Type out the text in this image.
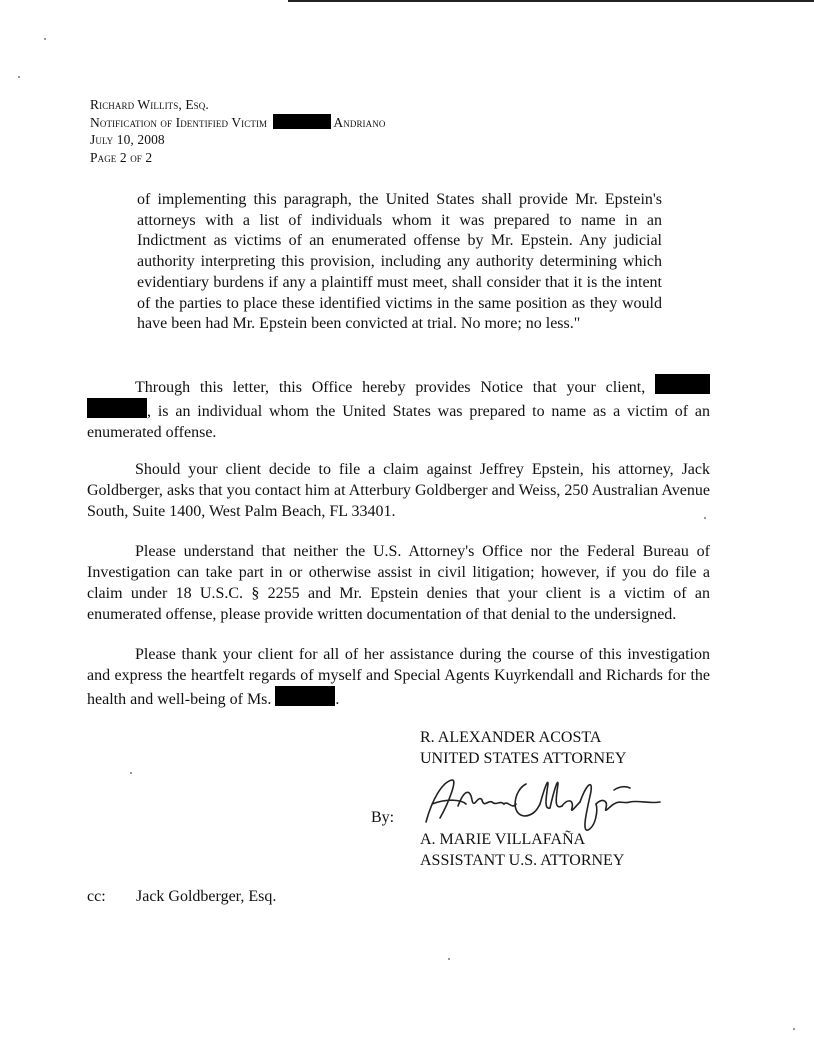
Richard Willits, Esq.
Notification of Identified Victim	Andriano
July 10, 2008
Page 2 of 2
of implementing this paragraph, the United States shall provide Mr. Epstein's attorneys with a list of individuals whom it was prepared to name in an Indictment as victims of an enumerated offense by Mr. Epstein. Any judicial authority interpreting this provision, including any authority determining which evidentiary burdens if any a plaintiff must meet, shall consider that it is the intent of the parties to place these identified victims in the same position as they would have been had Mr. Epstein been convicted at trial. No more; no less."

Through this letter, this Office hereby provides Notice that your client,  , is an individual whom the United States was prepared to name as a victim of an enumerated offense.

Should your client decide to file a claim against Jeffrey Epstein, his attorney, Jack Goldberger, asks that you contact him at Atterbury Goldberger and Weiss, 250 Australian Avenue South, Suite 1400, West Palm Beach, FL 33401.

Please understand that neither the U.S. Attorney's Office nor the Federal Bureau of Investigation can take part in or otherwise assist in civil litigation; however, if you do file a claim under 18 U.S.C. § 2255 and Mr. Epstein denies that your client is a victim of an enumerated offense, please provide written documentation of that denial to the undersigned.

Please thank your client for all of her assistance during the course of this investigation and express the heartfelt regards of myself and Special Agents Kuyrkendall and Richards for the health and well-being of Ms.	.

R. ALEXANDER ACOSTA
UNITED STATES ATTORNEY
By:
A. Marie Villafaña
A. MARIE VILLAFAÑA
ASSISTANT U.S. ATTORNEY
cc: Jack Goldberger, Esq.
